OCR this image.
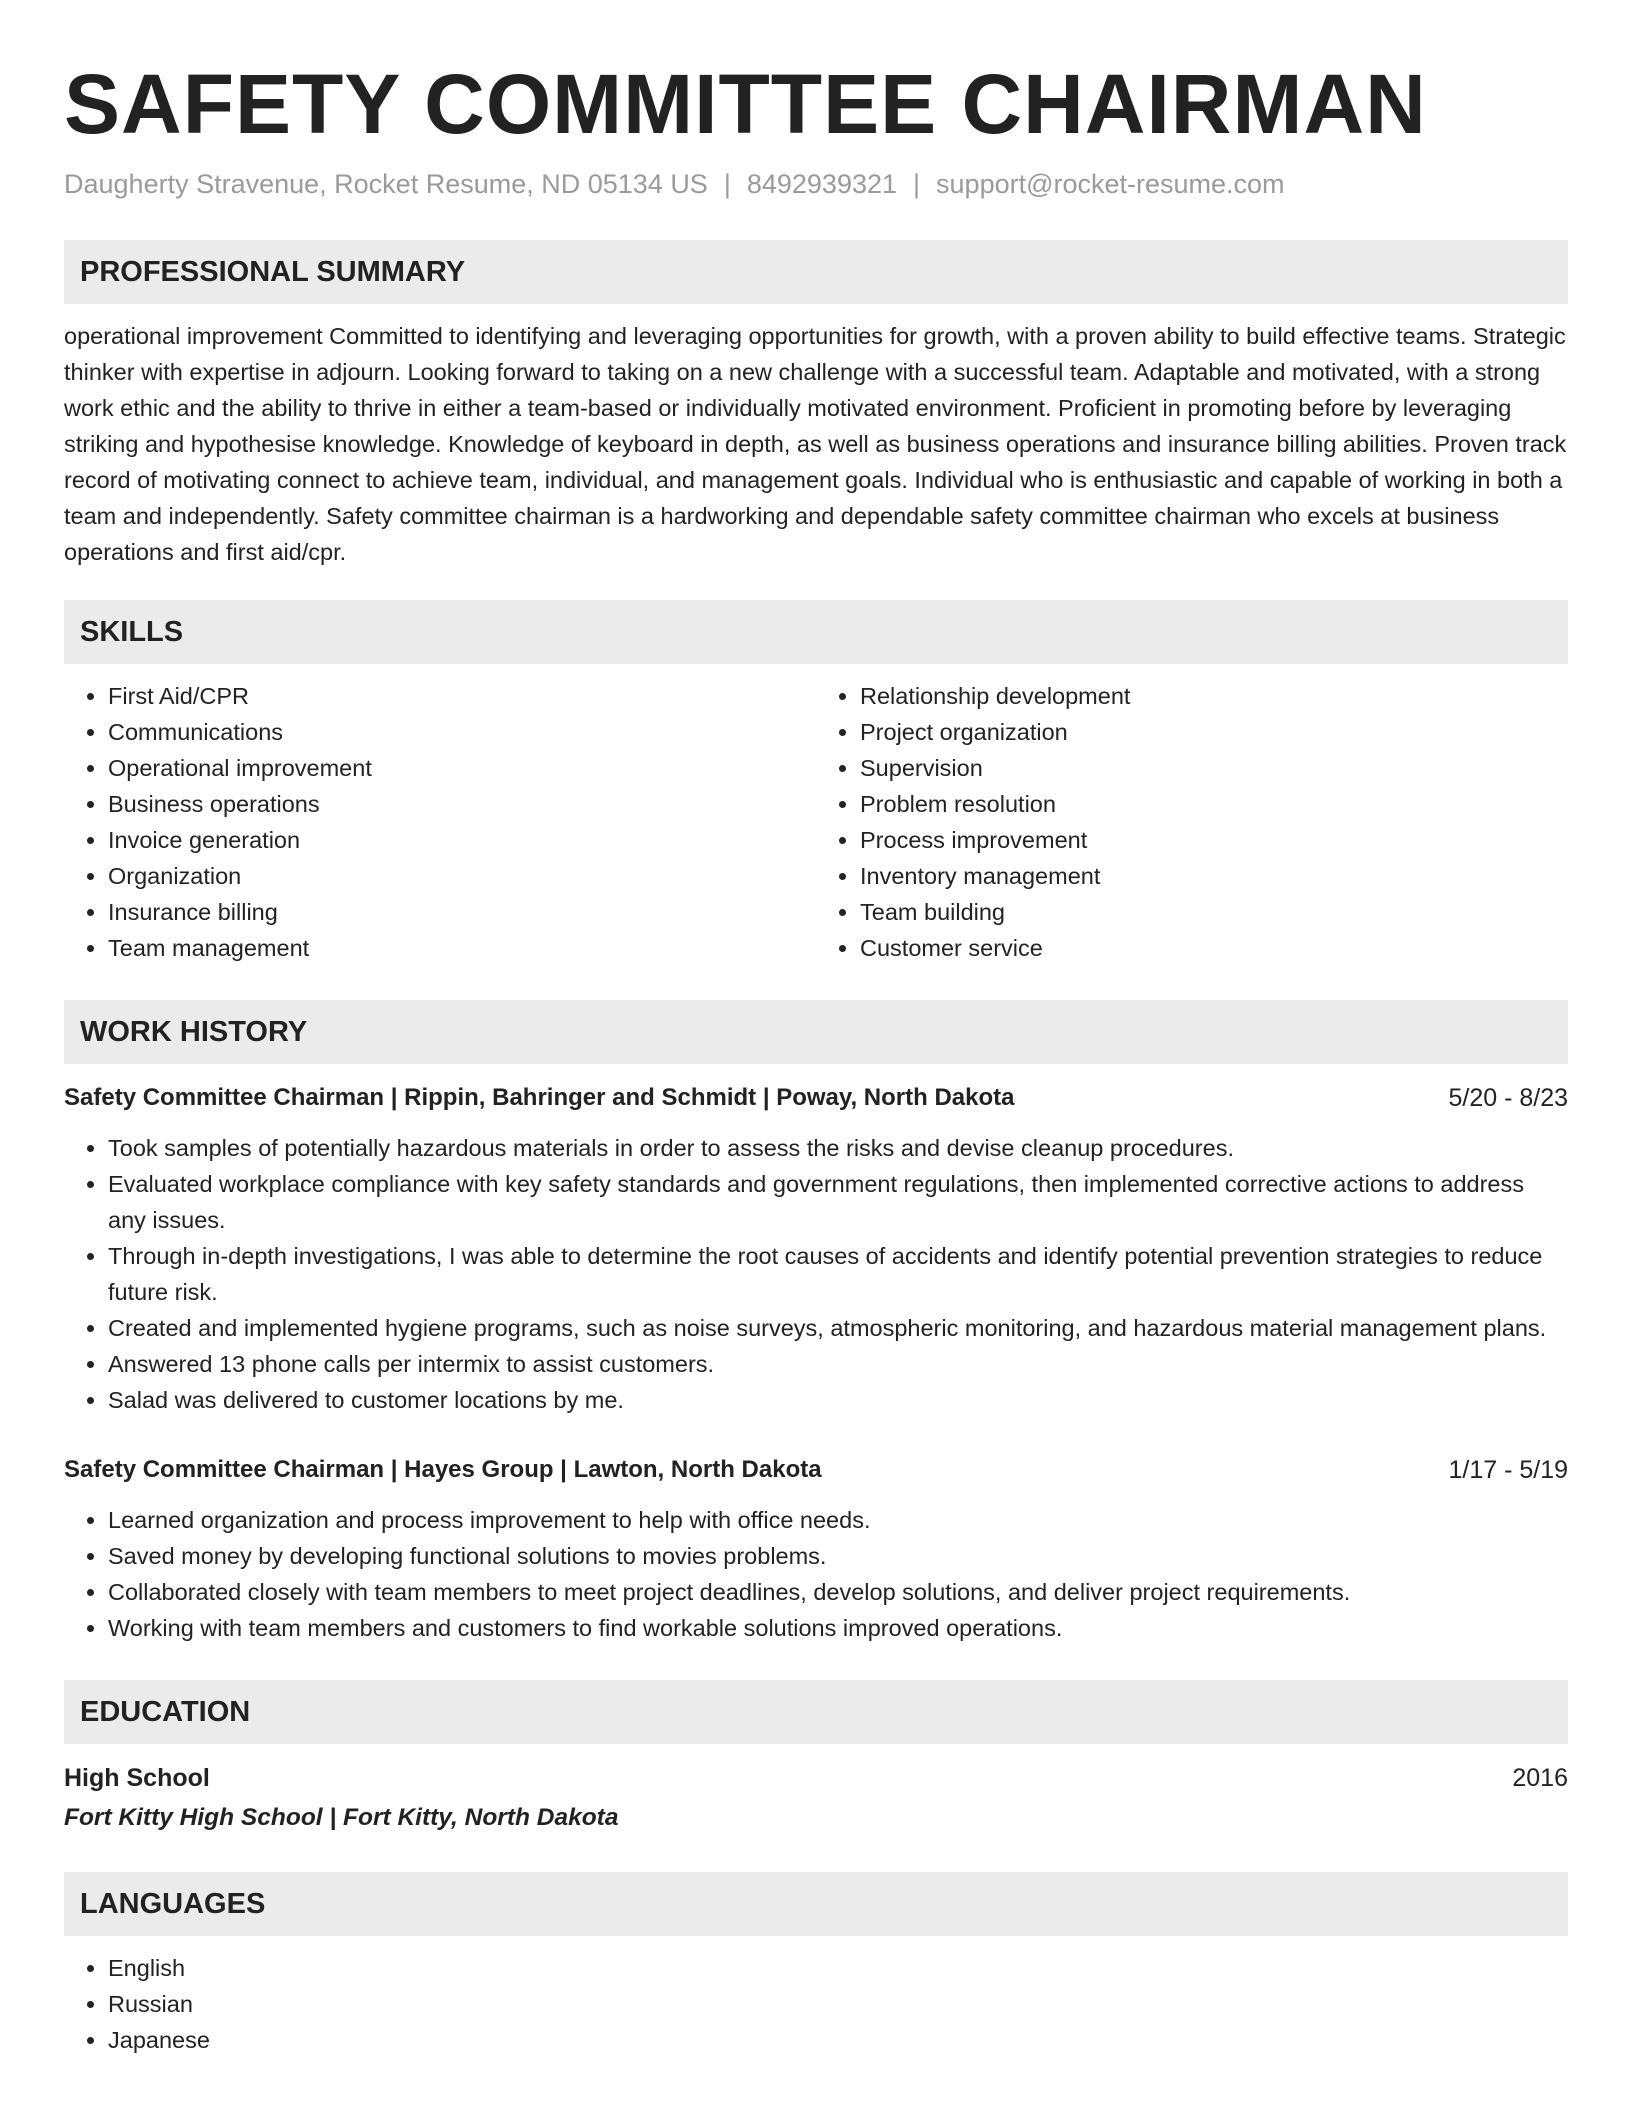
SAFETY COMMITTEE CHAIRMAN
Daugherty Stravenue, Rocket Resume, ND 05134 US | 8492939321 | support@rocket-resume.com
PROFESSIONAL SUMMARY

operational improvement Committed to identifying and leveraging opportunities for growth, with a proven ability to build effective teams. Strategic thinker with expertise in adjourn. Looking forward to taking on a new challenge with a successful team. Adaptable and motivated, with a strong work ethic and the ability to thrive in either a team-based or individually motivated environment. Proficient in promoting before by leveraging striking and hypothesise knowledge. Knowledge of keyboard in depth, as well as business operations and insurance billing abilities. Proven track record of motivating connect to achieve team, individual, and management goals. Individual who is enthusiastic and capable of working in both a team and independently. Safety committee chairman is a hardworking and dependable safety committee chairman who excels at business operations and first aid/cpr.

SKILLS
• First Aid/CPR
• Communications
• Operational improvement
• Business operations
• Invoice generation
• Organization
• Insurance billing
• Team management
• Relationship development
• Project organization
• Supervision
• Problem resolution
• Process improvement
• Inventory management
• Team building
• Customer service
WORK HISTORY
Safety Committee Chairman | Rippin, Bahringer and Schmidt | Poway, North Dakota	5/20 - 8/23
• Took samples of potentially hazardous materials in order to assess the risks and devise cleanup procedures.
• Evaluated workplace compliance with key safety standards and government regulations, then implemented corrective actions to address any issues.
• Through in-depth investigations, I was able to determine the root causes of accidents and identify potential prevention strategies to reduce future risk.
• Created and implemented hygiene programs, such as noise surveys, atmospheric monitoring, and hazardous material management plans.
• Answered 13 phone calls per intermix to assist customers.
• Salad was delivered to customer locations by me.
Safety Committee Chairman | Hayes Group | Lawton, North Dakota	1/17 - 5/19
• Learned organization and process improvement to help with office needs.
• Saved money by developing functional solutions to movies problems.
• Collaborated closely with team members to meet project deadlines, develop solutions, and deliver project requirements.
• Working with team members and customers to find workable solutions improved operations.
EDUCATION
High School	2016
Fort Kitty High School | Fort Kitty, North Dakota
LANGUAGES
• English
• Russian
• Japanese
